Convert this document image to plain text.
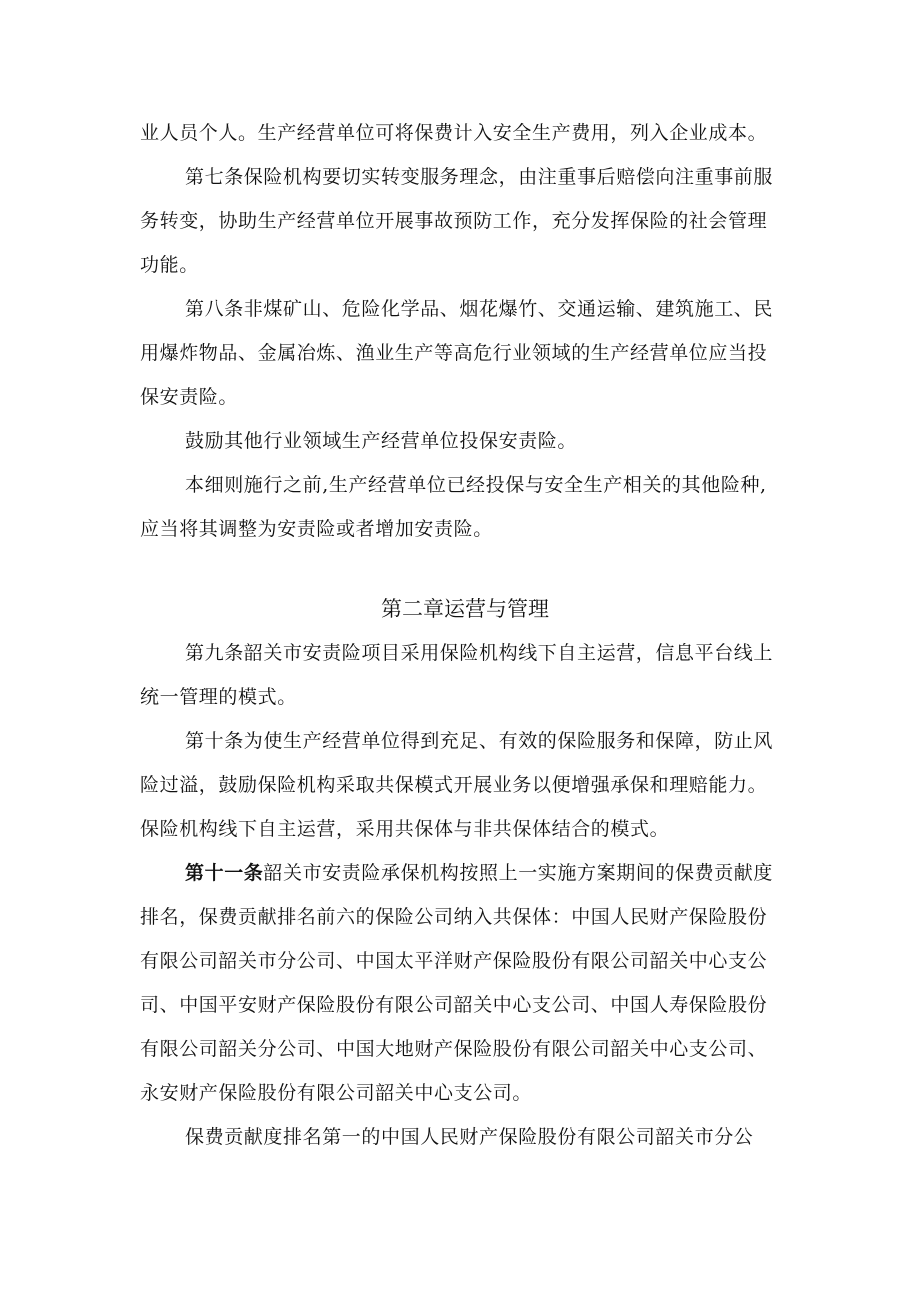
业人员个人。生产经营单位可将保费计入安全生产费用，列入企业成本。
第七条保险机构要切实转变服务理念，由注重事后赔偿向注重事前服
务转变，协助生产经营单位开展事故预防工作，充分发挥保险的社会管理
功能。
第八条非煤矿山、危险化学品、烟花爆竹、交通运输、建筑施工、民
用爆炸物品、金属冶炼、渔业生产等高危行业领域的生产经营单位应当投
保安责险。
鼓励其他行业领域生产经营单位投保安责险。
本细则施行之前,生产经营单位已经投保与安全生产相关的其他险种,
应当将其调整为安责险或者增加安责险。
第二章运营与管理
第九条韶关市安责险项目采用保险机构线下自主运营，信息平台线上
统一管理的模式。
第十条为使生产经营单位得到充足、有效的保险服务和保障，防止风
险过溢，鼓励保险机构采取共保模式开展业务以便增强承保和理赔能力。
保险机构线下自主运营，采用共保体与非共保体结合的模式。
第十一条韶关市安责险承保机构按照上一实施方案期间的保费贡献度
排名，保费贡献排名前六的保险公司纳入共保体：中国人民财产保险股份
有限公司韶关市分公司、中国太平洋财产保险股份有限公司韶关中心支公
司、中国平安财产保险股份有限公司韶关中心支公司、中国人寿保险股份
有限公司韶关分公司、中国大地财产保险股份有限公司韶关中心支公司、
永安财产保险股份有限公司韶关中心支公司。
保费贡献度排名第一的中国人民财产保险股份有限公司韶关市分公
